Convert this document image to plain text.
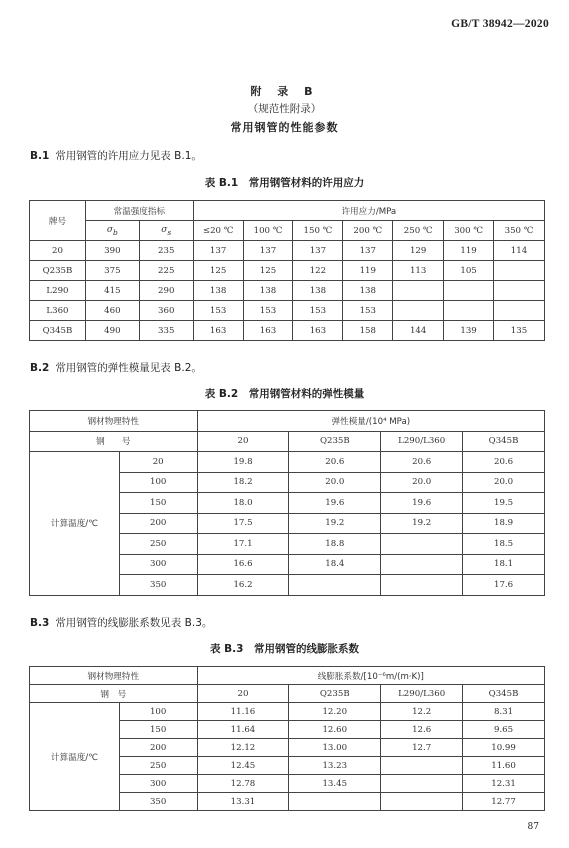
GB/T 38942—2020
附 录 B
（规范性附录）
常用钢管的性能参数
B.1 常用钢管的许用应力见表 B.1。
表 B.1　常用钢管材料的许用应力
牌号	常温强度指标		许用应力/MPa						
	$\sigma_b$	$\sigma_s$	≤20 ℃	100 ℃	150 ℃	200 ℃	250 ℃	300 ℃	350 ℃
20	390	235	137	137	137	137	129	119	114
Q235B	375	225	125	125	122	119	113	105	
L290	415	290	138	138	138	138			
L360	460	360	153	153	153	153			
Q345B	490	335	163	163	163	158	144	139	135
B.2 常用钢管的弹性模量见表 B.2。
表 B.2　常用钢管材料的弹性模量
钢材物理特性		弹性模量/(10⁴ MPa)			
钢　　号		20	Q235B	L290/L360	Q345B
计算温度/℃	20	19.8	20.6	20.6	20.6
	100	18.2	20.0	20.0	20.0
	150	18.0	19.6	19.6	19.5
	200	17.5	19.2	19.2	18.9
	250	17.1	18.8		18.5
	300	16.6	18.4		18.1
	350	16.2			17.6
B.3 常用钢管的线膨胀系数见表 B.3。
表 B.3　常用钢管的线膨胀系数
钢材物理特性		线膨胀系数/[10⁻⁶m/(m·K)]			
钢　号		20	Q235B	L290/L360	Q345B
计算温度/℃	100	11.16	12.20	12.2	8.31
	150	11.64	12.60	12.6	9.65
	200	12.12	13.00	12.7	10.99
	250	12.45	13.23		11.60
	300	12.78	13.45		12.31
	350	13.31			12.77
87
